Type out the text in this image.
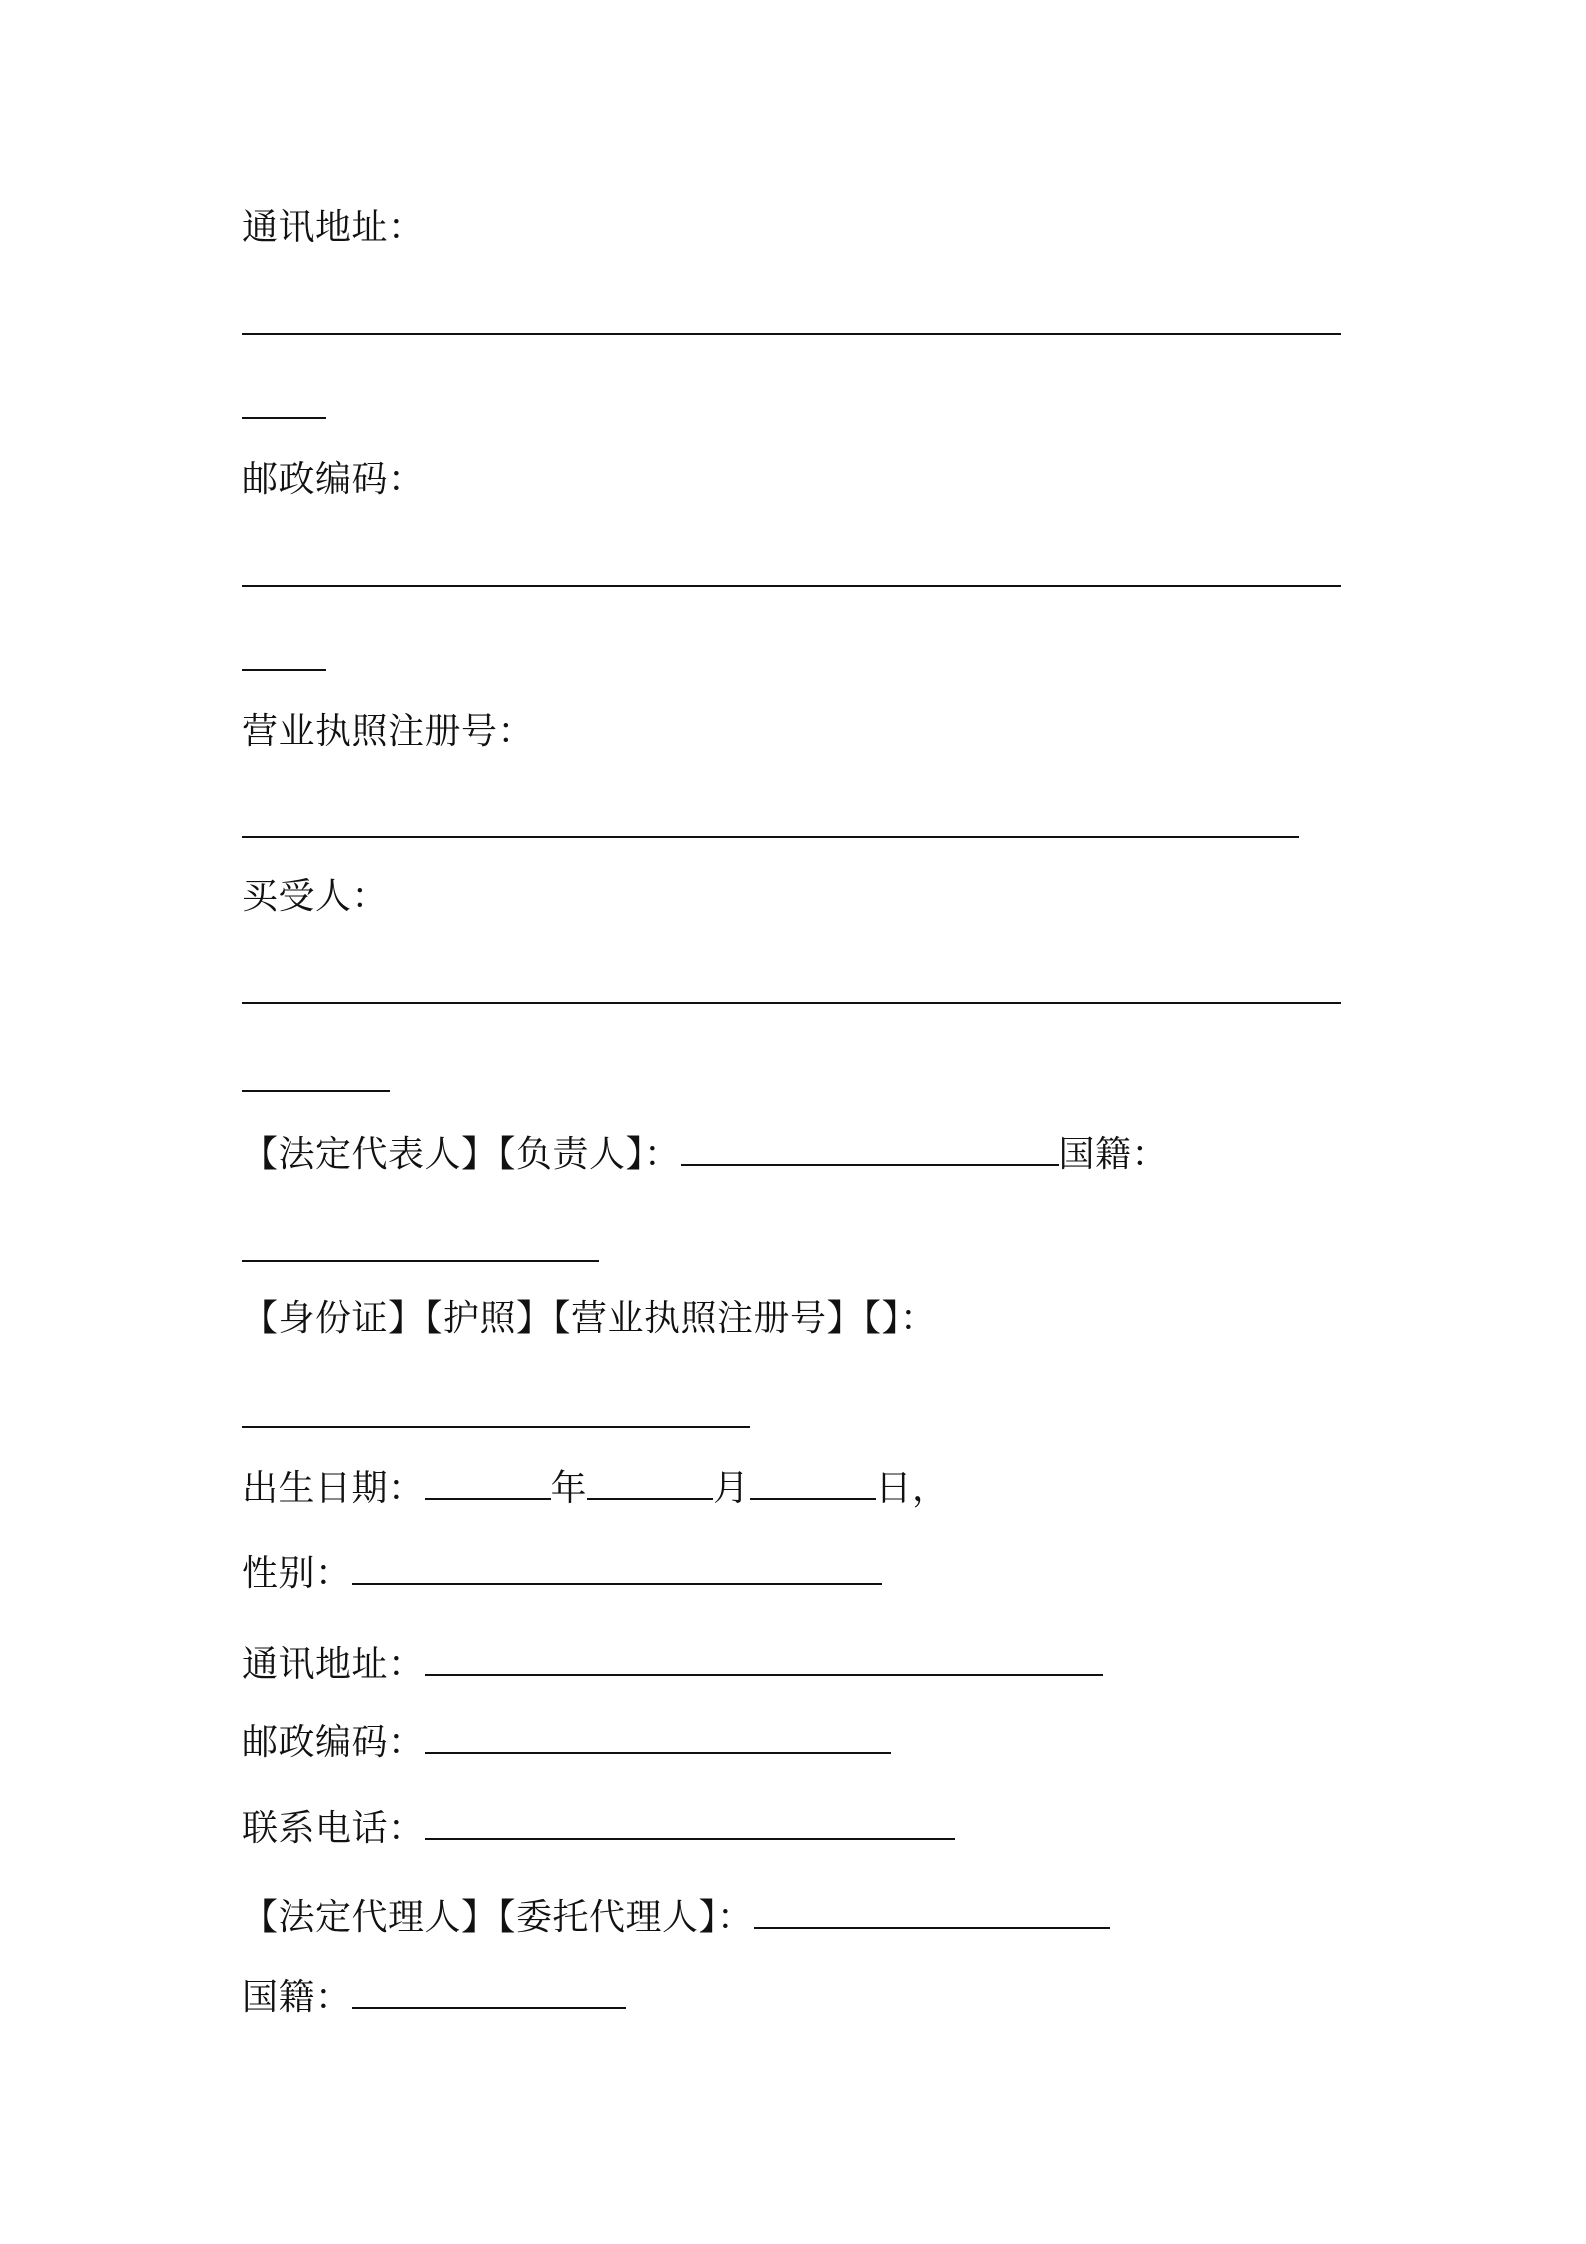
通讯地址：
邮政编码：
营业执照注册号：
买受人：
【法定代表人】【负责人】：	国籍：
【身份证】【护照】【营业执照注册号】【】：
出生日期：	年	月	日，
性别：
通讯地址：
邮政编码：
联系电话：
【法定代理人】【委托代理人】：
国籍：
